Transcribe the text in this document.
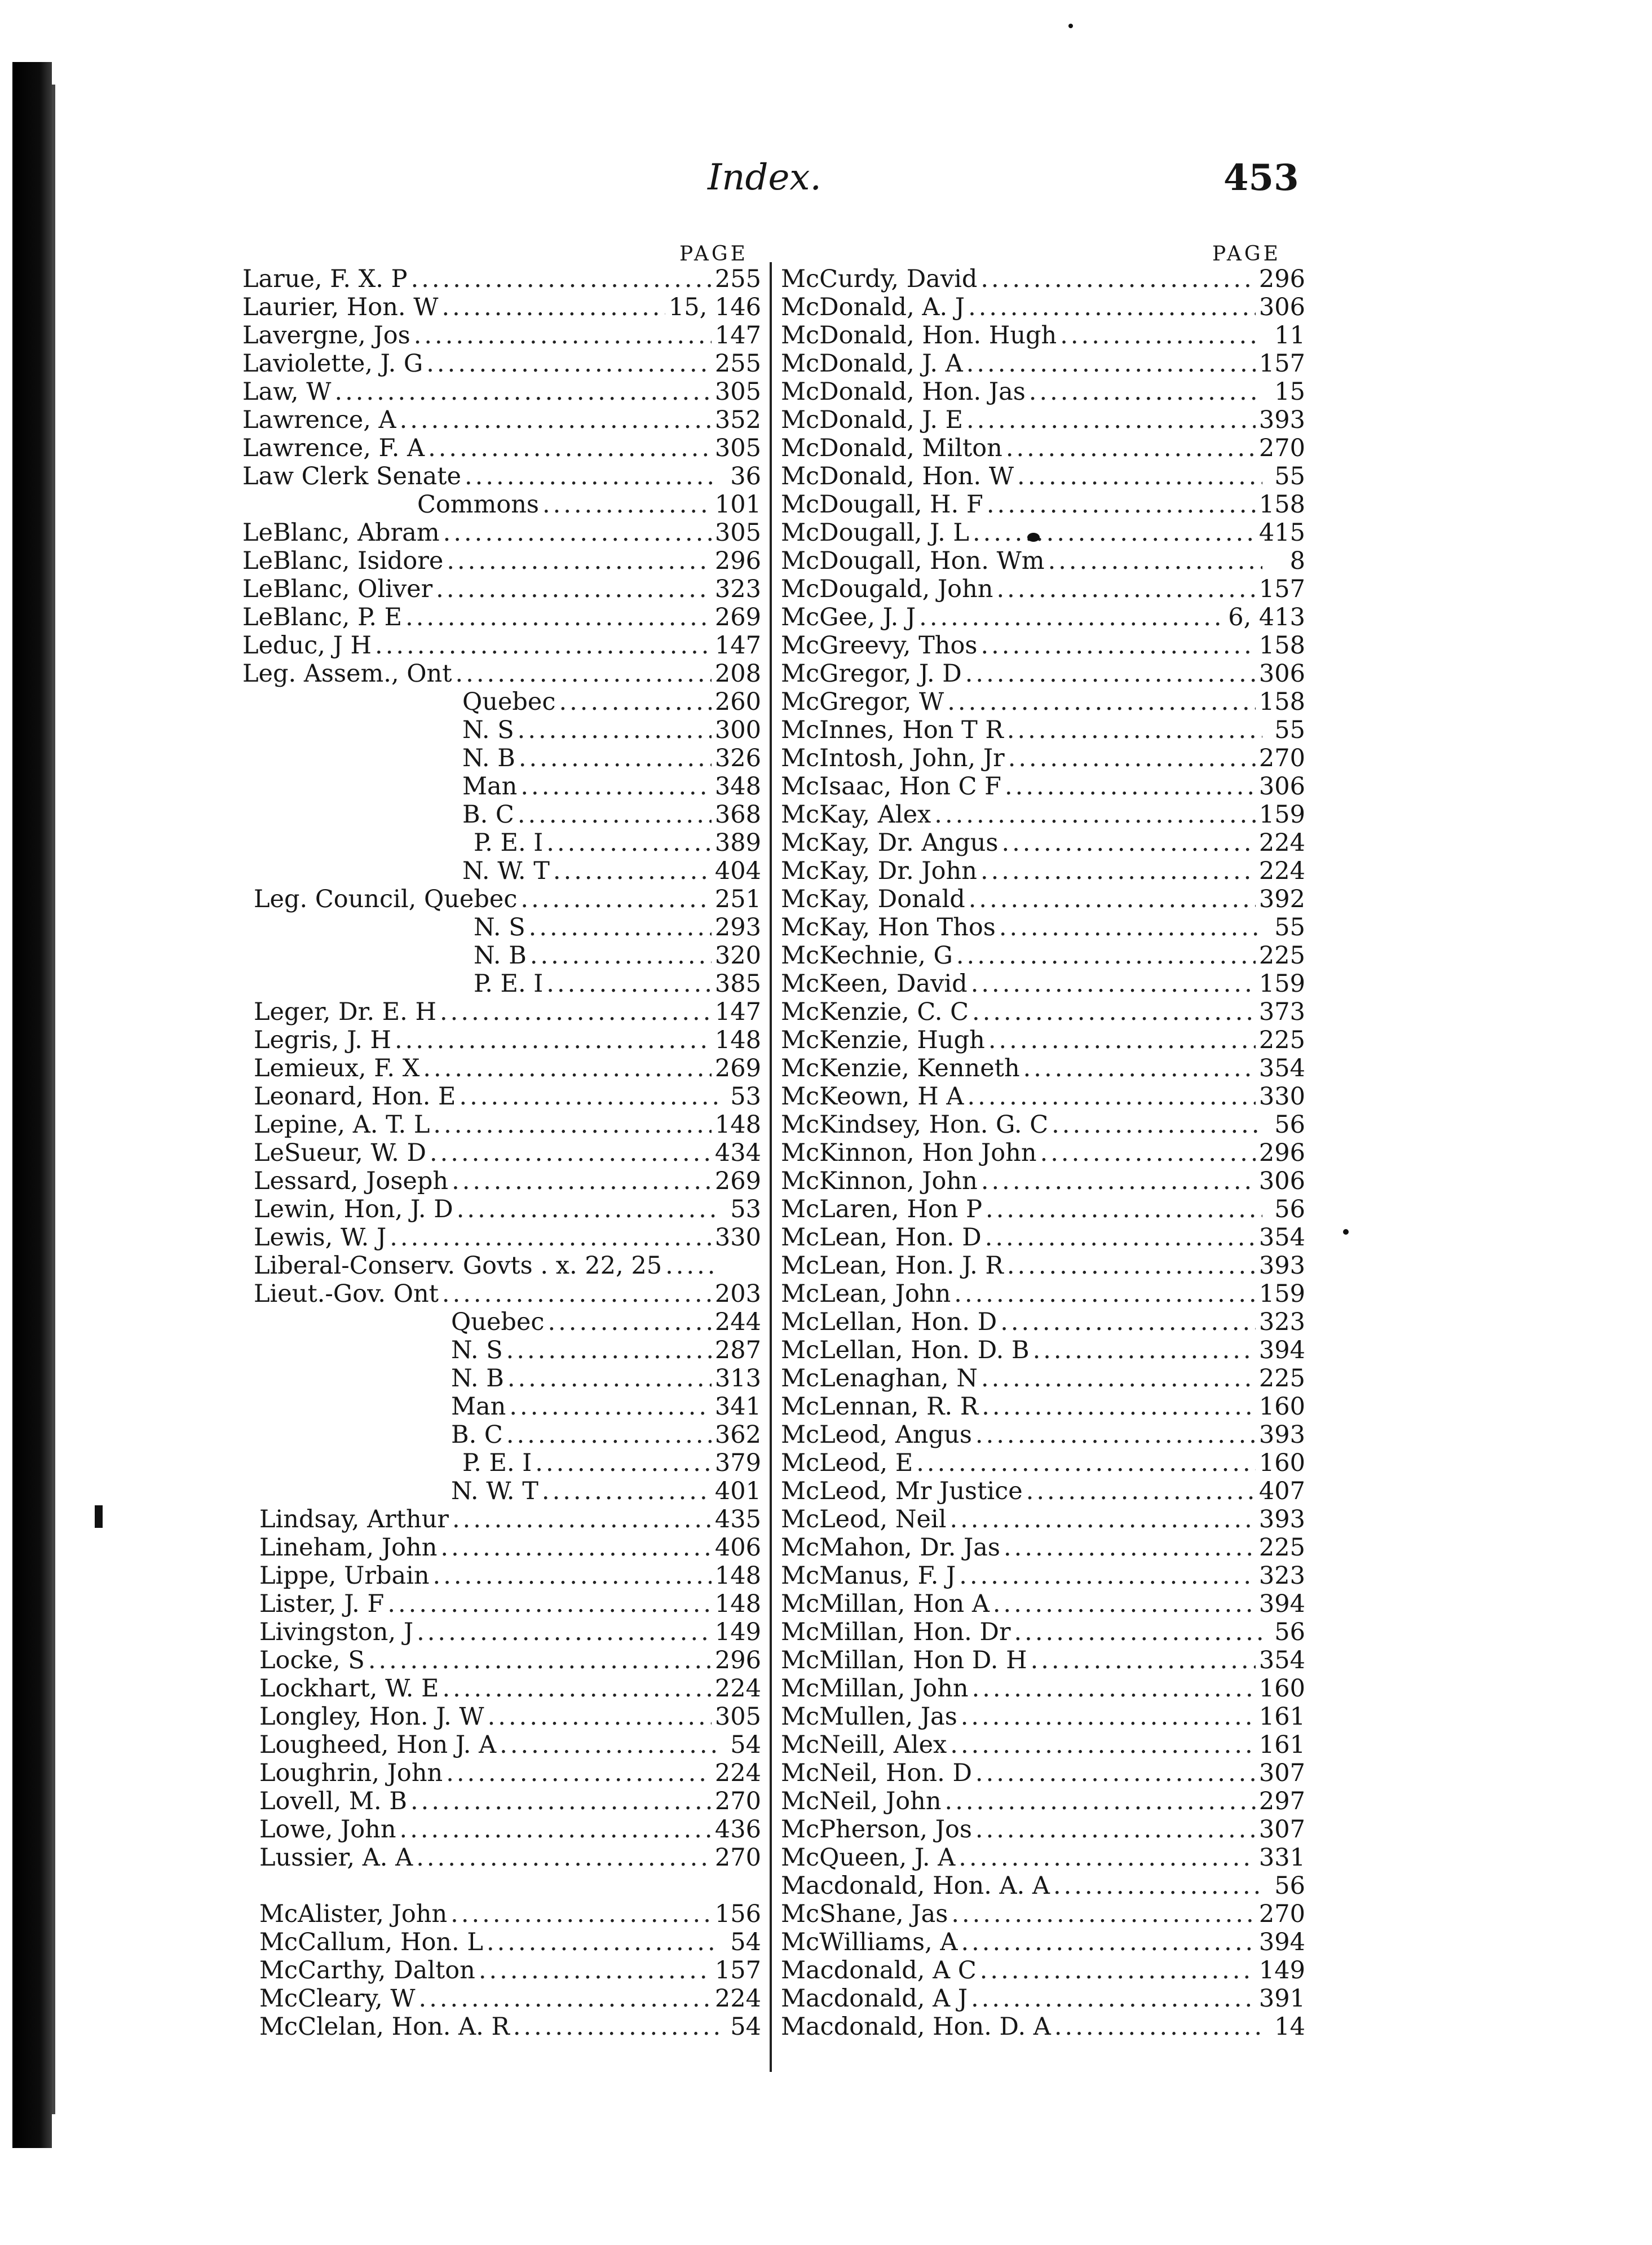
Index.	453
PAGE	PAGE
Larue, F. X. P .....	255
Laurier, Hon. W .....	15, 146
Lavergne, Jos .....	147
Laviolette, J. G .....	255
Law, W .....	305
Lawrence, A .....	352
Lawrence, F. A .....	305
Law Clerk Senate .....	36
Commons .....	101
LeBlanc, Abram .....	305
LeBlanc, Isidore .....	296
LeBlanc, Oliver .....	323
LeBlanc, P. E .....	269
Leduc, J H .....	147
Leg. Assem., Ont .....	208
Quebec .....	260
N. S .....	300
N. B .....	326
Man .....	348
B. C .....	368
P. E. I .....	389
N. W. T .....	404
Leg. Council, Quebec .....	251
N. S .....	293
N. B .....	320
P. E. I .....	385
Leger, Dr. E. H .....	147
Legris, J. H .....	148
Lemieux, F. X .....	269
Leonard, Hon. E .....	53
Lepine, A. T. L .....	148
LeSueur, W. D .....	434
Lessard, Joseph .....	269
Lewin, Hon, J. D .....	53
Lewis, W. J .....	330
Liberal-Conserv. Govts . x. 22, 25
.....
Lieut.-Gov. Ont .....	203
Quebec .....	244
N. S .....	287
N. B .....	313
Man .....	341
B. C .....	362
P. E. I .....	379
N. W. T .....	401
Lindsay, Arthur .....	435
Lineham, John .....	406
Lippe, Urbain .....	148
Lister, J. F .....	148
Livingston, J .....	149
Locke, S .....	296
Lockhart, W. E .....	224
Longley, Hon. J. W .....	305
Lougheed, Hon J. A .....	54
Loughrin, John .....	224
Lovell, M. B .....	270
Lowe, John .....	436
Lussier, A. A .....	270
McAlister, John .....	156
McCallum, Hon. L .....	54
McCarthy, Dalton .....	157
McCleary, W .....	224
McClelan, Hon. A. R .....	54
McCurdy, David .....	296
McDonald, A. J .....	306
McDonald, Hon. Hugh .....	11
McDonald, J. A .....	157
McDonald, Hon. Jas .....	15
McDonald, J. E .....	393
McDonald, Milton .....	270
McDonald, Hon. W .....	55
McDougall, H. F .....	158
McDougall, J. L .....	415
McDougall, Hon. Wm .....	8
McDougald, John .....	157
McGee, J. J .....	6, 413
McGreevy, Thos .....	158
McGregor, J. D .....	306
McGregor, W .....	158
McInnes, Hon T R .....	55
McIntosh, John, Jr .....	270
McIsaac, Hon C F .....	306
McKay, Alex .....	159
McKay, Dr. Angus .....	224
McKay, Dr. John .....	224
McKay, Donald .....	392
McKay, Hon Thos .....	55
McKechnie, G .....	225
McKeen, David .....	159
McKenzie, C. C .....	373
McKenzie, Hugh .....	225
McKenzie, Kenneth .....	354
McKeown, H A .....	330
McKindsey, Hon. G. C .....	56
McKinnon, Hon John .....	296
McKinnon, John .....	306
McLaren, Hon P .....	56
McLean, Hon. D .....	354
McLean, Hon. J. R .....	393
McLean, John .....	159
McLellan, Hon. D .....	323
McLellan, Hon. D. B .....	394
McLenaghan, N .....	225
McLennan, R. R .....	160
McLeod, Angus .....	393
McLeod, E .....	160
McLeod, Mr Justice .....	407
McLeod, Neil .....	393
McMahon, Dr. Jas .....	225
McManus, F. J .....	323
McMillan, Hon A .....	394
McMillan, Hon. Dr .....	56
McMillan, Hon D. H .....	354
McMillan, John .....	160
McMullen, Jas .....	161
McNeill, Alex .....	161
McNeil, Hon. D .....	307
McNeil, John .....	297
McPherson, Jos .....	307
McQueen, J. A .....	331
Macdonald, Hon. A. A .....	56
McShane, Jas .....	270
McWilliams, A .....	394
Macdonald, A C .....	149
Macdonald, A J .....	391
Macdonald, Hon. D. A .....	14
